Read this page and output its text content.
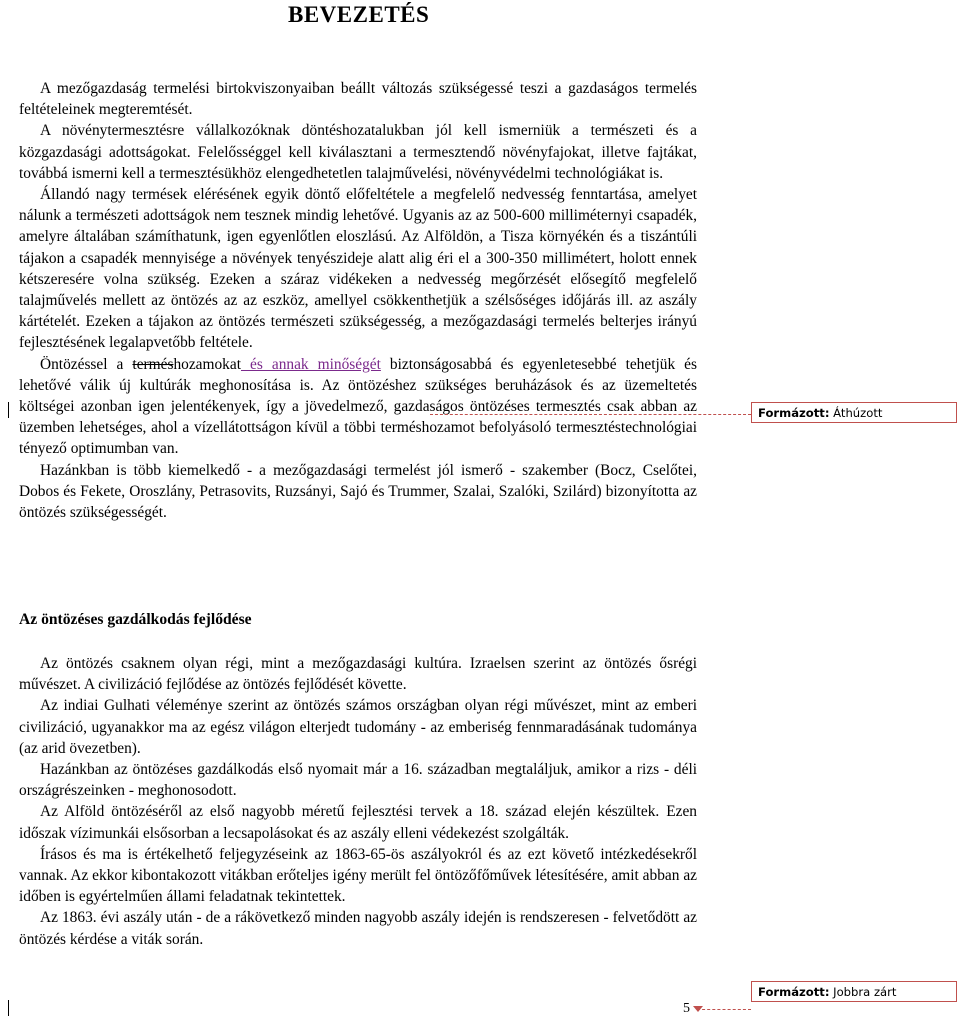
BEVEZETÉS

A mezőgazdaság termelési birtokviszonyaiban beállt változás szükségessé teszi a gazdaságos termelés feltételeinek megteremtését.

A növénytermesztésre vállalkozóknak döntéshozatalukban jól kell ismerniük a természeti és a közgazdasági adottságokat. Felelősséggel kell kiválasztani a termesztendő növényfajokat, illetve fajtákat, továbbá ismerni kell a termesztésükhöz elengedhetetlen talajművelési, növényvédelmi technológiákat is.

Állandó nagy termések elérésének egyik döntő előfeltétele a megfelelő nedvesség fenntartása, amelyet nálunk a természeti adottságok nem tesznek mindig lehetővé. Ugyanis az az 500-600 milliméternyi csapadék, amelyre általában számíthatunk, igen egyenlőtlen eloszlású. Az Alföldön, a Tisza környékén és a tiszántúli tájakon a csapadék mennyisége a növények tenyészideje alatt alig éri el a 300-350 millimétert, holott ennek kétszeresére volna szükség. Ezeken a száraz vidékeken a nedvesség megőrzését elősegítő megfelelő talajművelés mellett az öntözés az az eszköz, amellyel csökkenthetjük a szélsőséges időjárás ill. az aszály kártételét. Ezeken a tájakon az öntözés természeti szükségesség, a mezőgazdasági termelés belterjes irányú fejlesztésének legalapvetőbb feltétele.

Öntözéssel a terméshozamokat és annak minőségét biztonságosabbá és egyenletesebbé tehetjük és lehetővé válik új kultúrák meghonosítása is. Az öntözéshez szükséges beruházások és az üzemeltetés költségei azonban igen jelentékenyek, így a jövedelmező, gazdaságos öntözéses termesztés csak abban az üzemben lehetséges, ahol a vízellátottságon kívül a többi terméshozamot befolyásoló termesztéstechnológiai tényező optimumban van.

Hazánkban is több kiemelkedő - a mezőgazdasági termelést jól ismerő - szakember (Bocz, Cselőtei, Dobos és Fekete, Oroszlány, Petrasovits, Ruzsányi, Sajó és Trummer, Szalai, Szalóki, Szilárd) bizonyította az öntözés szükségességét.

Az öntözéses gazdálkodás fejlődése

Az öntözés csaknem olyan régi, mint a mezőgazdasági kultúra. Izraelsen szerint az öntözés ősrégi művészet. A civilizáció fejlődése az öntözés fejlődését követte.

Az indiai Gulhati véleménye szerint az öntözés számos országban olyan régi művészet, mint az emberi civilizáció, ugyanakkor ma az egész világon elterjedt tudomány - az emberiség fennmaradásának tudománya (az arid övezetben).

Hazánkban az öntözéses gazdálkodás első nyomait már a 16. században megtaláljuk, amikor a rizs - déli országrészeinken - meghonosodott.

Az Alföld öntözéséről az első nagyobb méretű fejlesztési tervek a 18. század elején készültek. Ezen időszak vízimunkái elsősorban a lecsapolásokat és az aszály elleni védekezést szolgálták.

Írásos és ma is értékelhető feljegyzéseink az 1863-65-ös aszályokról és az ezt követő intézkedésekről vannak. Az ekkor kibontakozott vitákban erőteljes igény merült fel öntözőfőművek létesítésére, amit abban az időben is egyértelműen állami feladatnak tekintettek.

Az 1863. évi aszály után - de a rákövetkező minden nagyobb aszály idején is rendszeresen - felvetődött az öntözés kérdése a viták során.

Formázott: Áthúzott
5
Formázott: Jobbra zárt
